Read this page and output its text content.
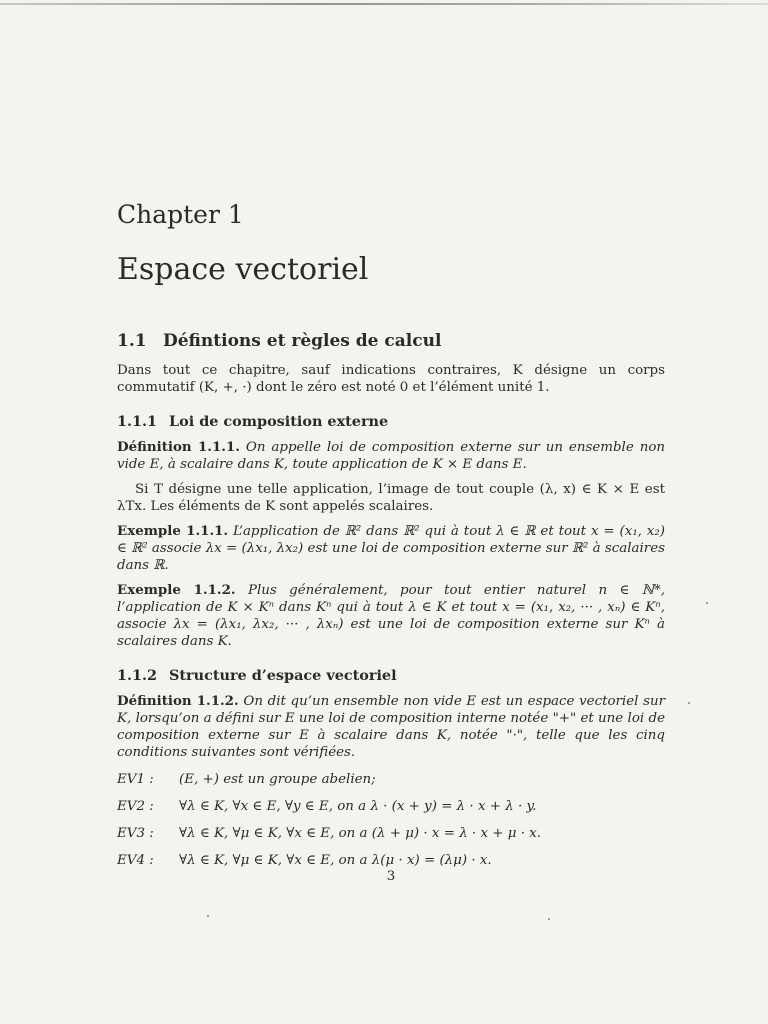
Chapter 1
Espace vectoriel
1.1 Défintions et règles de calcul

Dans tout ce chapitre, sauf indications contraires, K désigne un corps commutatif (K, +, ·) dont le zéro est noté 0 et l’élément unité 1.

1.1.1 Loi de composition externe

Définition 1.1.1. On appelle loi de composition externe sur un ensemble non vide E, à scalaire dans K, toute application de K × E dans E.

Si T désigne une telle application, l’image de tout couple (λ, x) ∈ K × E est λTx. Les éléments de K sont appelés scalaires.

Exemple 1.1.1. L’application de ℝ² dans ℝ² qui à tout λ ∈ ℝ et tout x = (x₁, x₂) ∈ ℝ² associe λx = (λx₁, λx₂) est une loi de composition externe sur ℝ² à scalaires dans ℝ.

Exemple 1.1.2. Plus généralement, pour tout entier naturel n ∈ ℕ*, l’application de K × Kⁿ dans Kⁿ qui à tout λ ∈ K et tout x = (x₁, x₂, ··· , xₙ) ∈ Kⁿ, associe λx = (λx₁, λx₂, ··· , λxₙ) est une loi de composition externe sur Kⁿ à scalaires dans K.

1.1.2 Structure d’espace vectoriel

Définition 1.1.2. On dit qu’un ensemble non vide E est un espace vectoriel sur K, lorsqu’on a défini sur E une loi de composition interne notée "+" et une loi de composition externe sur E à scalaire dans K, notée "·", telle que les cinq conditions suivantes sont vérifiées.

EV1 :	(E, +) est un groupe abelien;
EV2 :	∀λ ∈ K, ∀x ∈ E, ∀y ∈ E, on a λ · (x + y) = λ · x + λ · y.
EV3 :	∀λ ∈ K, ∀μ ∈ K, ∀x ∈ E, on a (λ + μ) · x = λ · x + μ · x.
EV4 :	∀λ ∈ K, ∀μ ∈ K, ∀x ∈ E, on a λ(μ · x) = (λμ) · x.
3
